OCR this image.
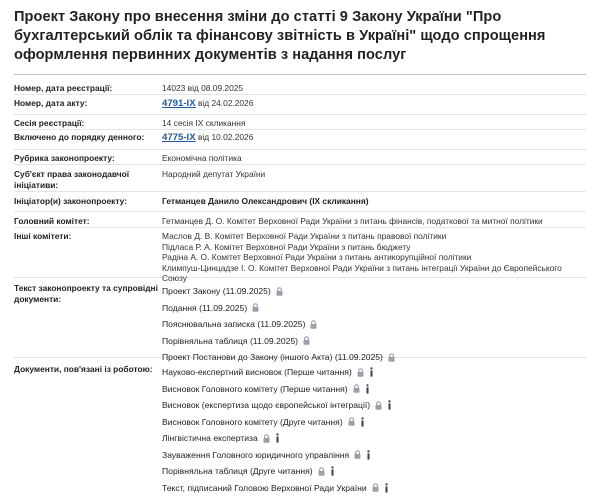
Проект Закону про внесення зміни до статті 9 Закону України "Про бухгалтерський облік та фінансову звітність в Україні" щодо спрощення оформлення первинних документів з надання послуг
Номер, дата реєстрації:	14023 від 08.09.2025
Номер, дата акту:	4791-IX від 24.02.2026
Сесія реєстрації:	14 сесія IX скликання
Включено до порядку денного:	4775-IX від 10.02.2026
Рубрика законопроекту:	Економічна політика
Суб'єкт права законодавчої ініціативи:
Народний депутат України
Ініціатор(и) законопроекту:	Гетманцев Данило Олександрович (IX скликання)
Головний комітет:	Гетманцев Д. О. Комітет Верховної Ради України з питань фінансів, податкової та митної політики
Інші комітети:	Маслов Д. В. Комітет Верховної Ради України з питань правової політики
Підласа Р. А. Комітет Верховної Ради України з питань бюджету
Радіна А. О. Комітет Верховної Ради України з питань антикорупційної політики
Климпуш-Цинцадзе І. О. Комітет Верховної Ради України з питань інтеграції України до Європейського Союзу
Текст законопроекту та супровідні документи:
Проект Закону (11.09.2025)
Подання (11.09.2025)
Пояснювальна записка (11.09.2025)
Порівняльна таблиця (11.09.2025)
Проект Постанови до Закону (іншого Акта) (11.09.2025)
Документи, пов'язані із роботою:	Науково-експертний висновок (Перше читання)
Висновок Головного комітету (Перше читання)
Висновок (експертиза щодо європейської інтеграції)
Висновок Головного комітету (Друге читання)
Лінгвістична експертиза
Зауваження Головного юридичного управління
Порівняльна таблиця (Друге читання)
Текст, підписаний Головою Верховної Ради України
